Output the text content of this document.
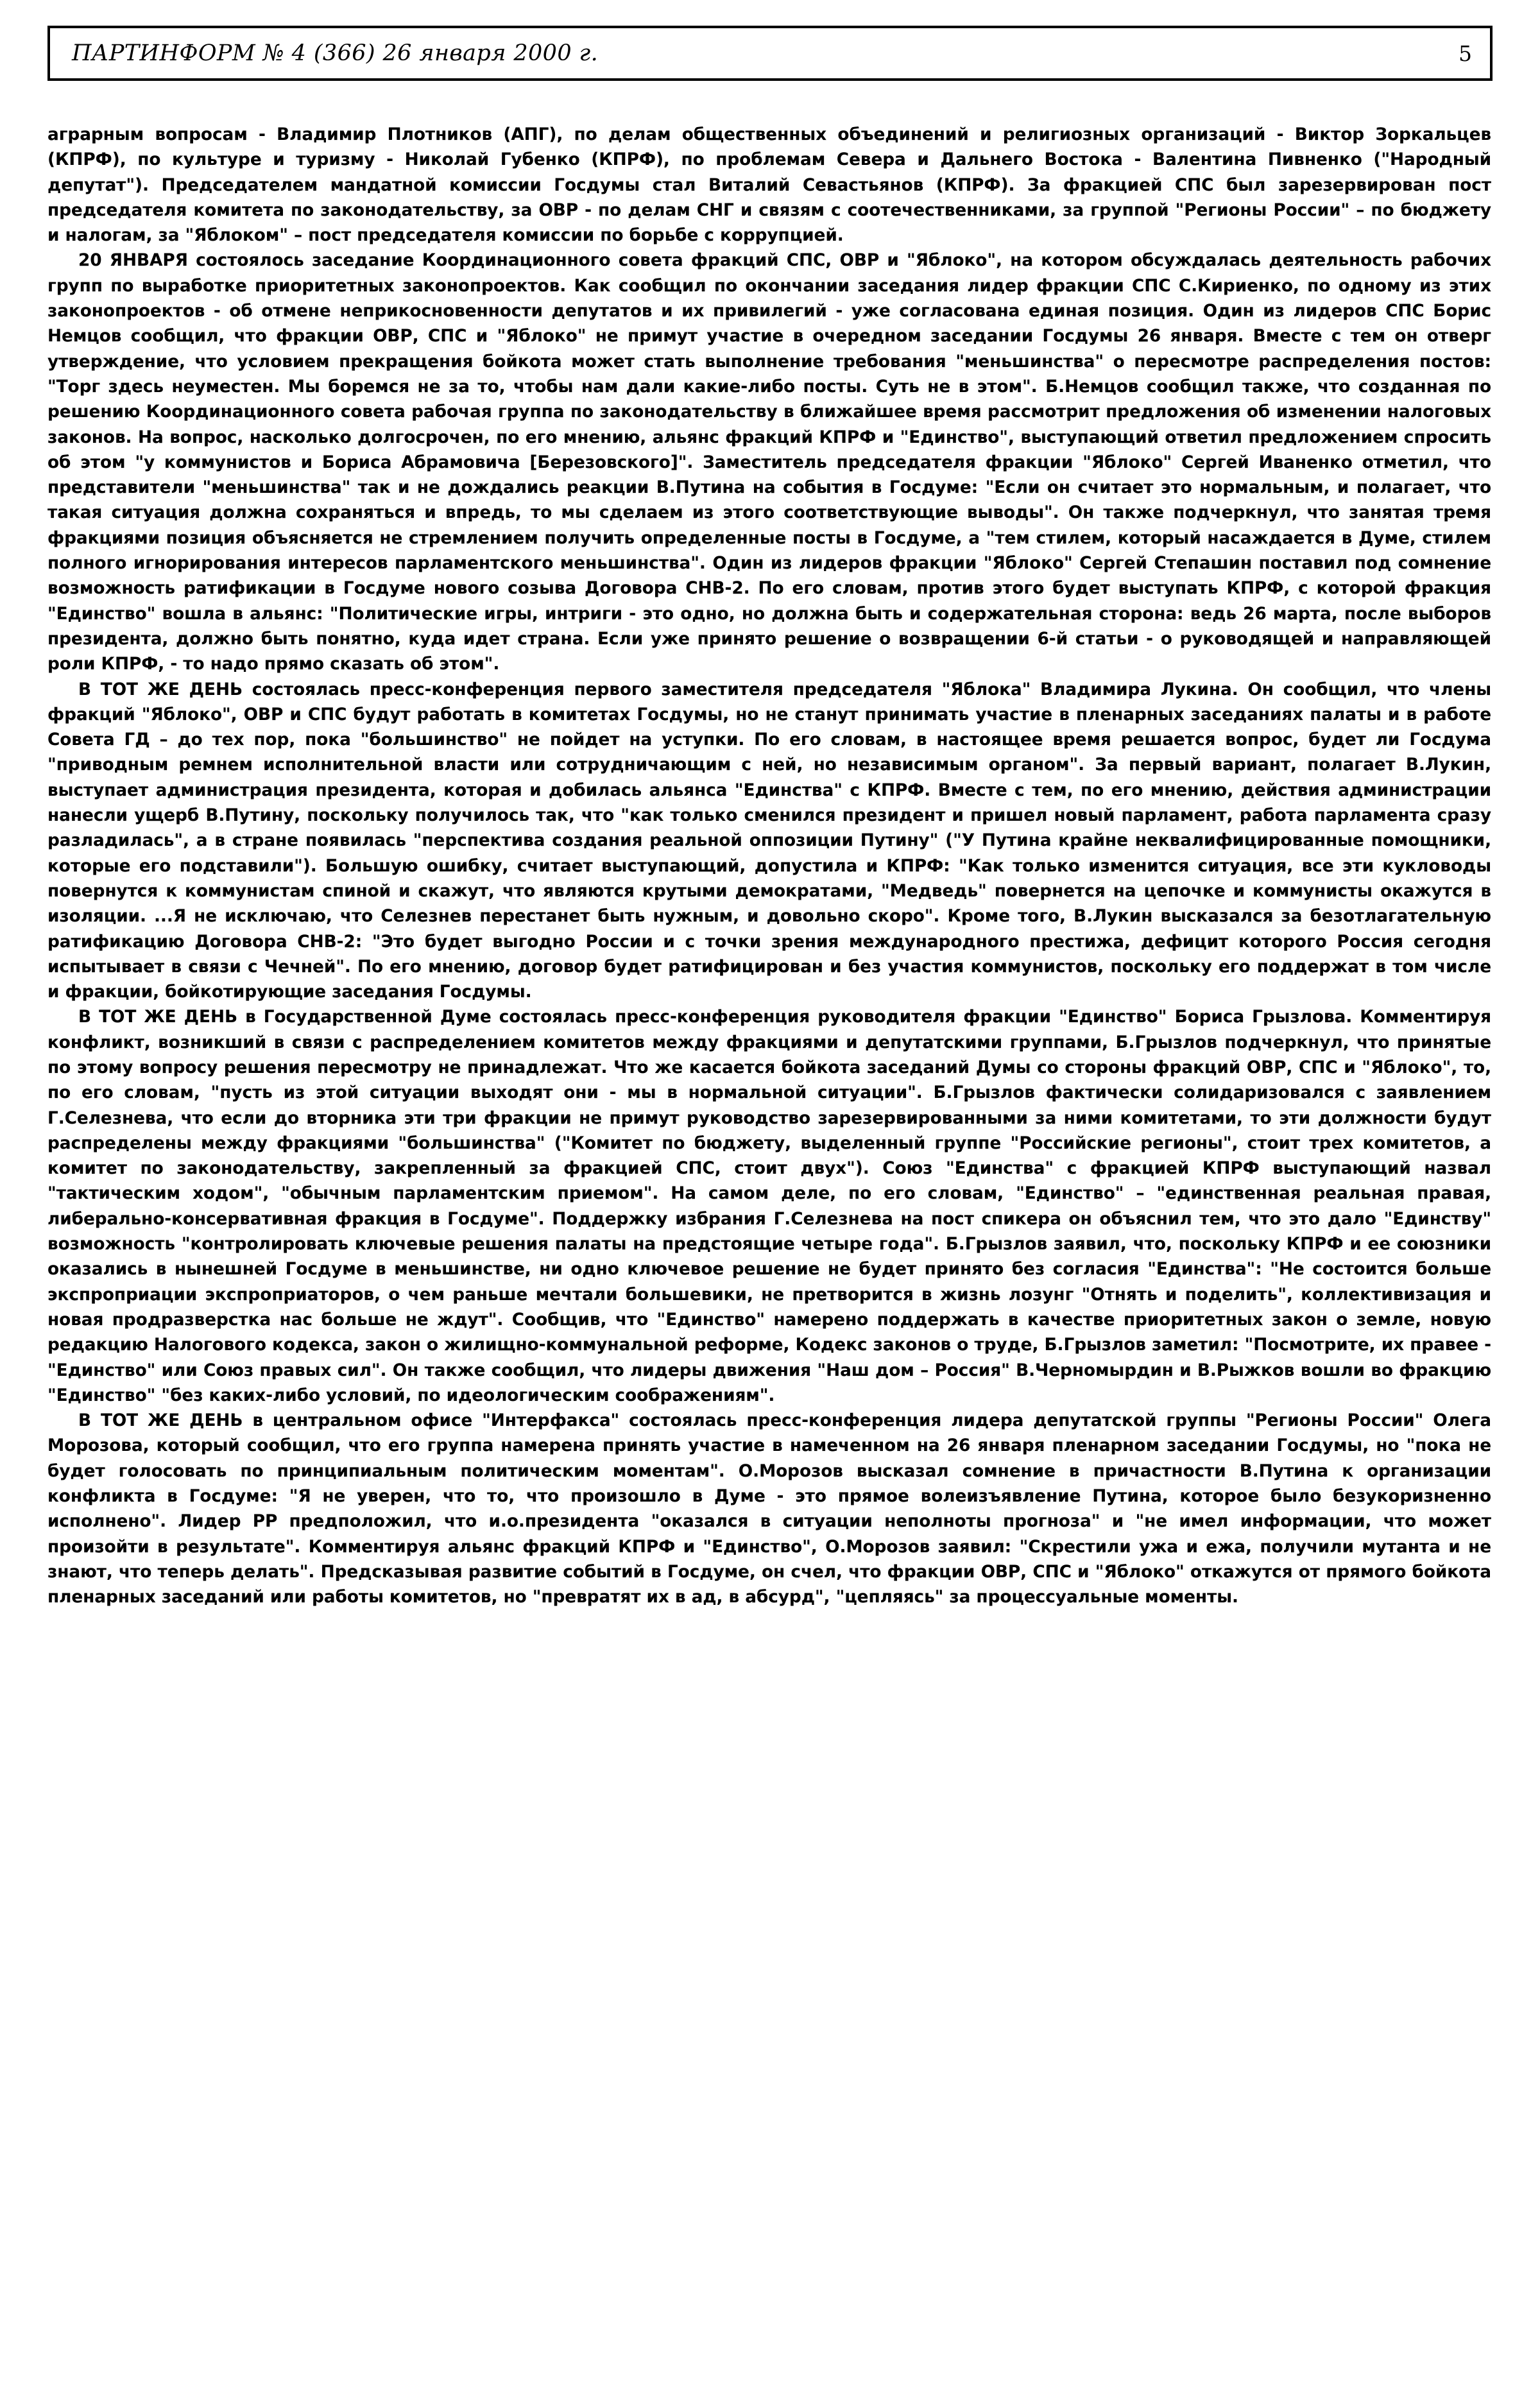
ПАРТИНФОРМ № 4 (366) 26 января 2000 г.	5

аграрным вопросам - Владимир Плотников (АПГ), по делам общественных объединений и религиозных организаций - Виктор Зоркальцев (КПРФ), по культуре и туризму - Николай Губенко (КПРФ), по проблемам Севера и Дальнего Востока - Валентина Пивненко ("Народный депутат"). Председателем мандатной комиссии Госдумы стал Виталий Севастьянов (КПРФ). За фракцией СПС был зарезервирован пост председателя комитета по законодательству, за ОВР - по делам СНГ и связям с соотечественниками, за группой "Регионы России" – по бюджету и налогам, за "Яблоком" – пост председателя комиссии по борьбе с коррупцией.

20 ЯНВАРЯ состоялось заседание Координационного совета фракций СПС, ОВР и "Яблоко", на котором обсуждалась деятельность рабочих групп по выработке приоритетных законопроектов. Как сообщил по окончании заседания лидер фракции СПС С.Кириенко, по одному из этих законопроектов - об отмене неприкосновенности депутатов и их привилегий - уже согласована единая позиция. Один из лидеров СПС Борис Немцов сообщил, что фракции ОВР, СПС и "Яблоко" не примут участие в очередном заседании Госдумы 26 января. Вместе с тем он отверг утверждение, что условием прекращения бойкота может стать выполнение требования "меньшинства" о пересмотре распределения постов: "Торг здесь неуместен. Мы боремся не за то, чтобы нам дали какие-либо посты. Суть не в этом". Б.Немцов сообщил также, что созданная по решению Координационного совета рабочая группа по законодательству в ближайшее время рассмотрит предложения об изменении налоговых законов. На вопрос, насколько долгосрочен, по его мнению, альянс фракций КПРФ и "Единство", выступающий ответил предложением спросить об этом "у коммунистов и Бориса Абрамовича [Березовского]". Заместитель председателя фракции "Яблоко" Сергей Иваненко отметил, что представители "меньшинства" так и не дождались реакции В.Путина на события в Госдуме: "Если он считает это нормальным, и полагает, что такая ситуация должна сохраняться и впредь, то мы сделаем из этого соответствующие выводы". Он также подчеркнул, что занятая тремя фракциями позиция объясняется не стремлением получить определенные посты в Госдуме, а "тем стилем, который насаждается в Думе, стилем полного игнорирования интересов парламентского меньшинства". Один из лидеров фракции "Яблоко" Сергей Степашин поставил под сомнение возможность ратификации в Госдуме нового созыва Договора СНВ-2. По его словам, против этого будет выступать КПРФ, с которой фракция "Единство" вошла в альянс: "Политические игры, интриги - это одно, но должна быть и содержательная сторона: ведь 26 марта, после выборов президента, должно быть понятно, куда идет страна. Если уже принято решение о возвращении 6-й статьи - о руководящей и направляющей роли КПРФ, - то надо прямо сказать об этом".

В ТОТ ЖЕ ДЕНЬ состоялась пресс-конференция первого заместителя председателя "Яблока" Владимира Лукина. Он сообщил, что члены фракций "Яблоко", ОВР и СПС будут работать в комитетах Госдумы, но не станут принимать участие в пленарных заседаниях палаты и в работе Совета ГД – до тех пор, пока "большинство" не пойдет на уступки. По его словам, в настоящее время решается вопрос, будет ли Госдума "приводным ремнем исполнительной власти или сотрудничающим с ней, но независимым органом". За первый вариант, полагает В.Лукин, выступает администрация президента, которая и добилась альянса "Единства" с КПРФ. Вместе с тем, по его мнению, действия администрации нанесли ущерб В.Путину, поскольку получилось так, что "как только сменился президент и пришел новый парламент, работа парламента сразу разладилась", а в стране появилась "перспектива создания реальной оппозиции Путину" ("У Путина крайне неквалифицированные помощники, которые его подставили"). Большую ошибку, считает выступающий, допустила и КПРФ: "Как только изменится ситуация, все эти кукловоды повернутся к коммунистам спиной и скажут, что являются крутыми демократами, "Медведь" повернется на цепочке и коммунисты окажутся в изоляции. ...Я не исключаю, что Селезнев перестанет быть нужным, и довольно скоро". Кроме того, В.Лукин высказался за безотлагательную ратификацию Договора СНВ-2: "Это будет выгодно России и с точки зрения международного престижа, дефицит которого Россия сегодня испытывает в связи с Чечней". По его мнению, договор будет ратифицирован и без участия коммунистов, поскольку его поддержат в том числе и фракции, бойкотирующие заседания Госдумы.

В ТОТ ЖЕ ДЕНЬ в Государственной Думе состоялась пресс-конференция руководителя фракции "Единство" Бориса Грызлова. Комментируя конфликт, возникший в связи с распределением комитетов между фракциями и депутатскими группами, Б.Грызлов подчеркнул, что принятые по этому вопросу решения пересмотру не принадлежат. Что же касается бойкота заседаний Думы со стороны фракций ОВР, СПС и "Яблоко", то, по его словам, "пусть из этой ситуации выходят они - мы в нормальной ситуации". Б.Грызлов фактически солидаризовался с заявлением Г.Селезнева, что если до вторника эти три фракции не примут руководство зарезервированными за ними комитетами, то эти должности будут распределены между фракциями "большинства" ("Комитет по бюджету, выделенный группе "Российские регионы", стоит трех комитетов, а комитет по законодательству, закрепленный за фракцией СПС, стоит двух"). Союз "Единства" с фракцией КПРФ выступающий назвал "тактическим ходом", "обычным парламентским приемом". На самом деле, по его словам, "Единство" – "единственная реальная правая, либерально-консервативная фракция в Госдуме". Поддержку избрания Г.Селезнева на пост спикера он объяснил тем, что это дало "Единству" возможность "контролировать ключевые решения палаты на предстоящие четыре года". Б.Грызлов заявил, что, поскольку КПРФ и ее союзники оказались в нынешней Госдуме в меньшинстве, ни одно ключевое решение не будет принято без согласия "Единства": "Не состоится больше экспроприации экспроприаторов, о чем раньше мечтали большевики, не претворится в жизнь лозунг "Отнять и поделить", коллективизация и новая продразверстка нас больше не ждут". Сообщив, что "Единство" намерено поддержать в качестве приоритетных закон о земле, новую редакцию Налогового кодекса, закон о жилищно-коммунальной реформе, Кодекс законов о труде, Б.Грызлов заметил: "Посмотрите, их правее - "Единство" или Союз правых сил". Он также сообщил, что лидеры движения "Наш дом – Россия" В.Черномырдин и В.Рыжков вошли во фракцию "Единство" "без каких-либо условий, по идеологическим соображениям".

В ТОТ ЖЕ ДЕНЬ в центральном офисе "Интерфакса" состоялась пресс-конференция лидера депутатской группы "Регионы России" Олега Морозова, который сообщил, что его группа намерена принять участие в намеченном на 26 января пленарном заседании Госдумы, но "пока не будет голосовать по принципиальным политическим моментам". О.Морозов высказал сомнение в причастности В.Путина к организации конфликта в Госдуме: "Я не уверен, что то, что произошло в Думе - это прямое волеизъявление Путина, которое было безукоризненно исполнено". Лидер РР предположил, что и.о.президента "оказался в ситуации неполноты прогноза" и "не имел информации, что может произойти в результате". Комментируя альянс фракций КПРФ и "Единство", О.Морозов заявил: "Скрестили ужа и ежа, получили мутанта и не знают, что теперь делать". Предсказывая развитие событий в Госдуме, он счел, что фракции ОВР, СПС и "Яблоко" откажутся от прямого бойкота пленарных заседаний или работы комитетов, но "превратят их в ад, в абсурд", "цепляясь" за процессуальные моменты.
